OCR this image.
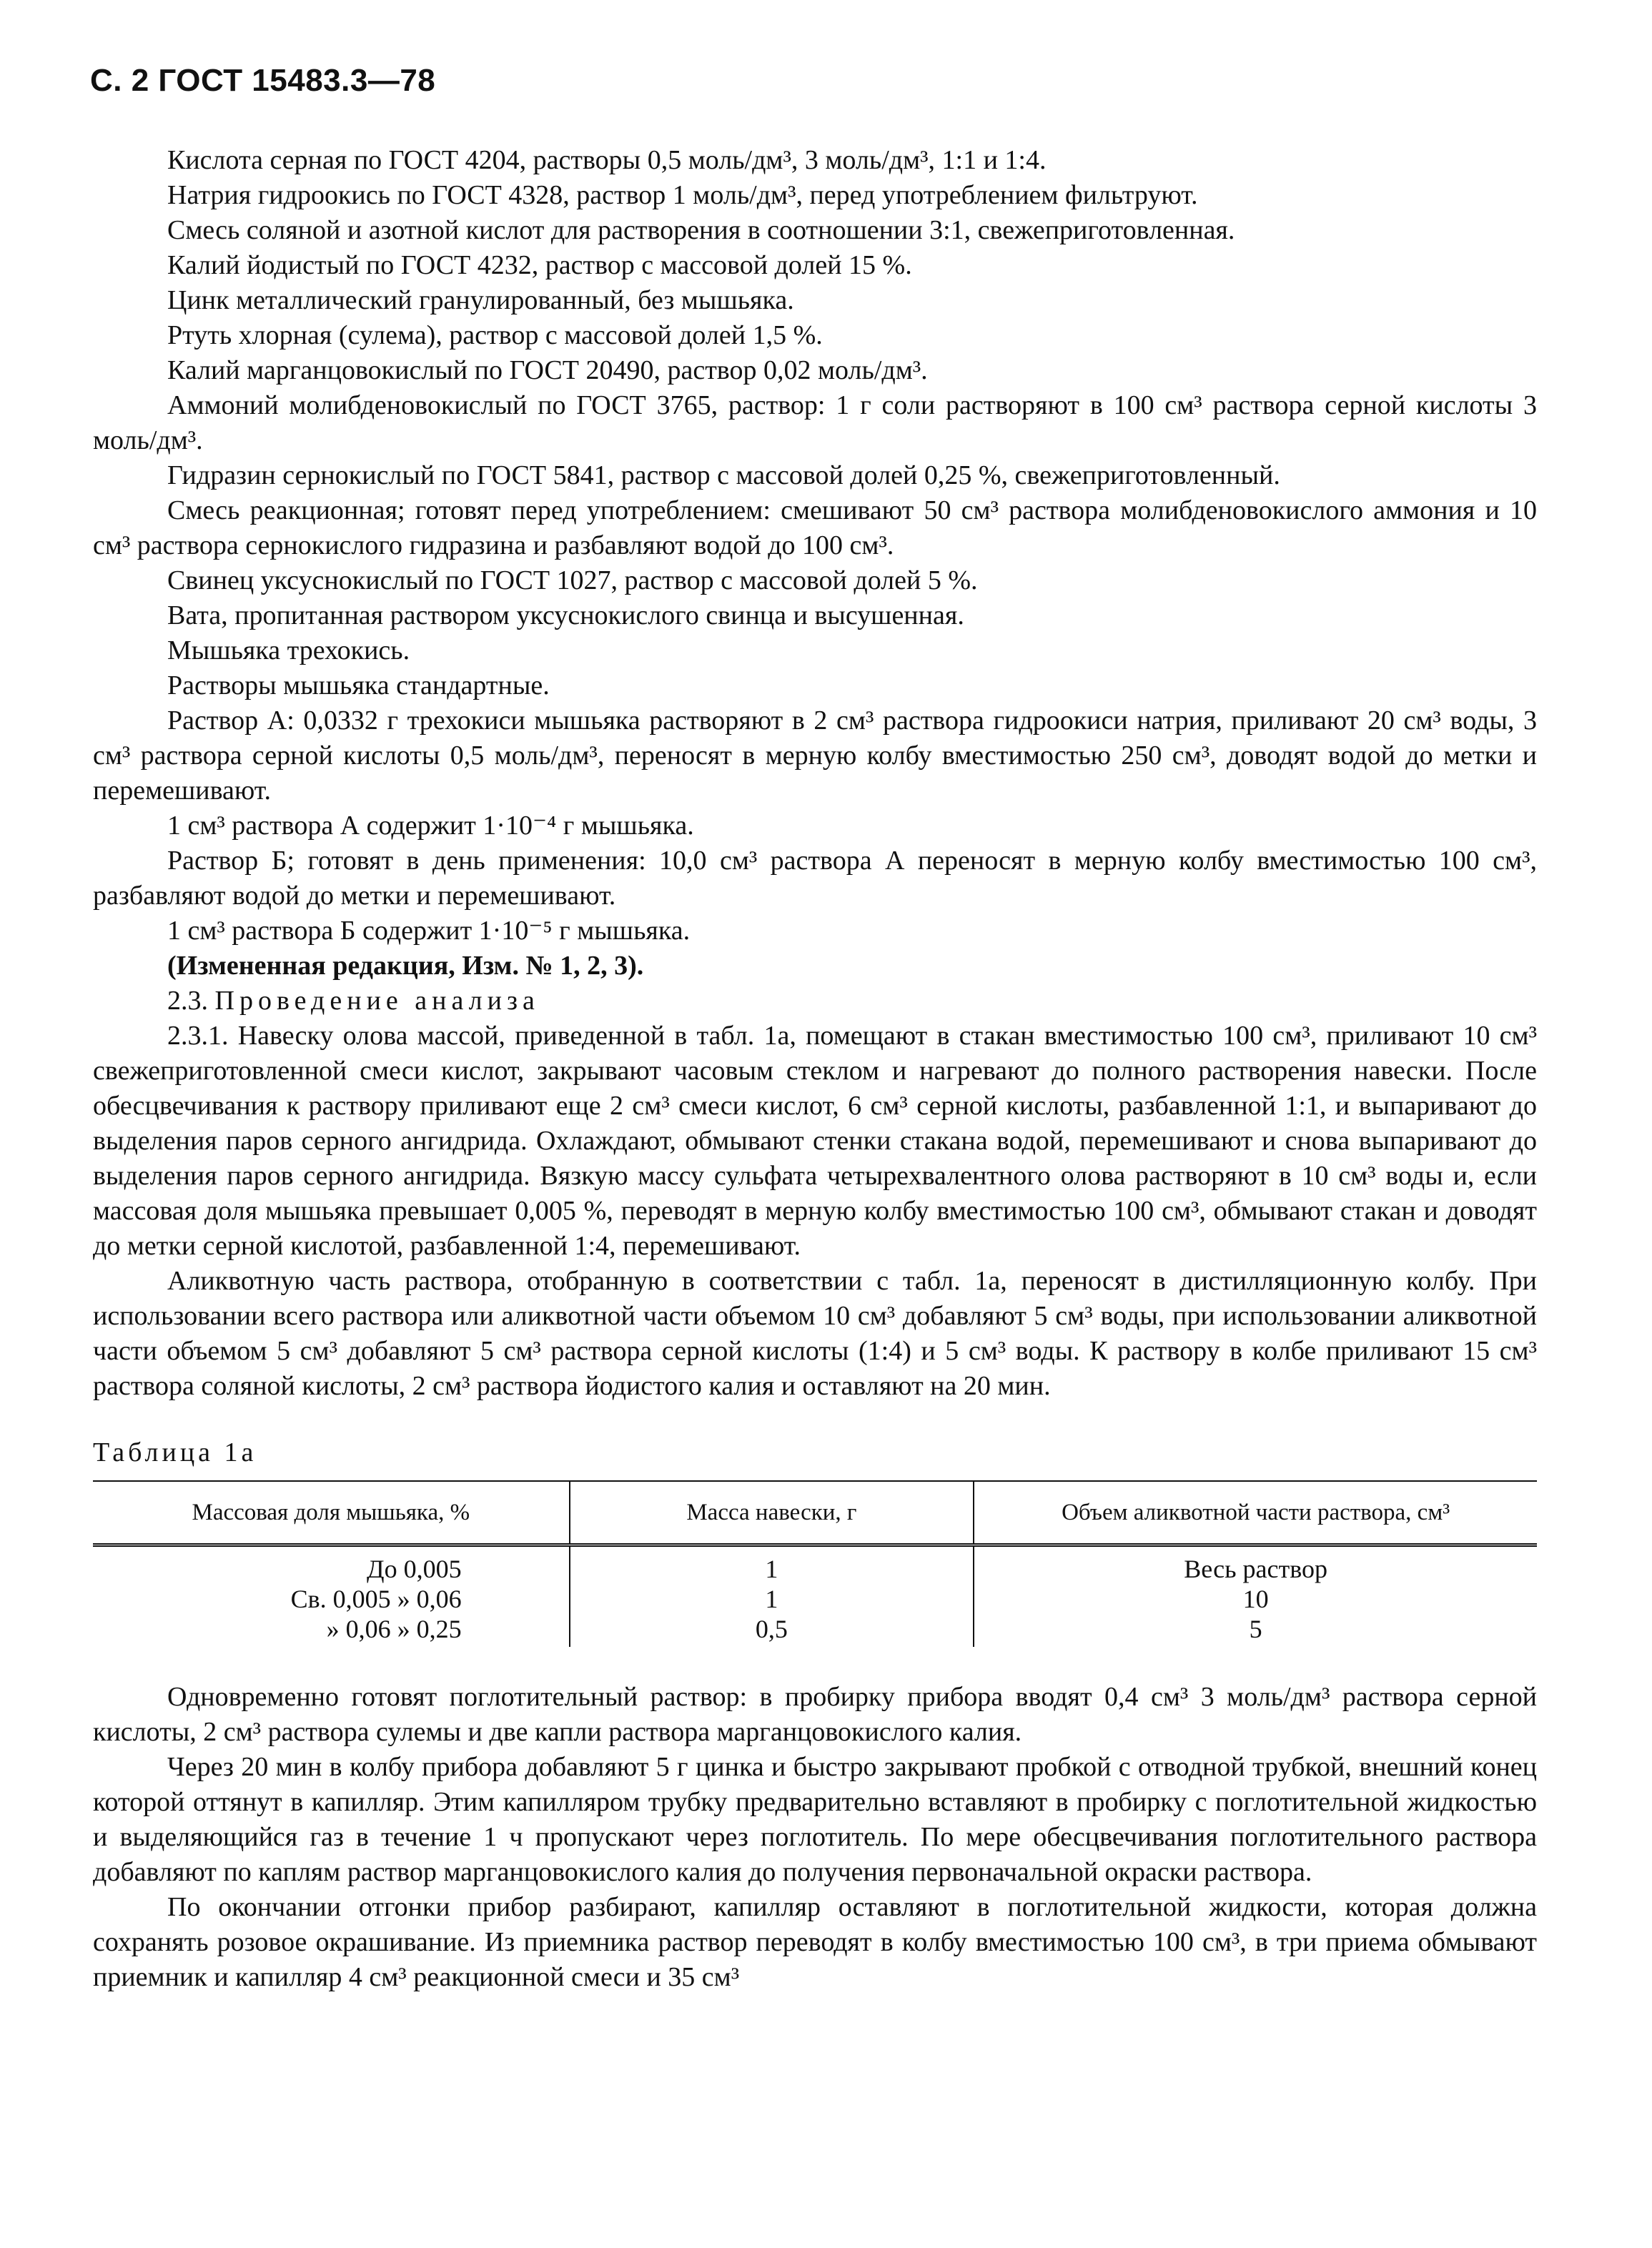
С. 2 ГОСТ 15483.3—78

Кислота серная по ГОСТ 4204, растворы 0,5 моль/дм³, 3 моль/дм³, 1:1 и 1:4.

Натрия гидроокись по ГОСТ 4328, раствор 1 моль/дм³, перед употреблением фильтруют.

Смесь соляной и азотной кислот для растворения в соотношении 3:1, свежеприготовленная.

Калий йодистый по ГОСТ 4232, раствор с массовой долей 15 %.

Цинк металлический гранулированный, без мышьяка.

Ртуть хлорная (сулема), раствор с массовой долей 1,5 %.

Калий марганцовокислый по ГОСТ 20490, раствор 0,02 моль/дм³.

Аммоний молибденовокислый по ГОСТ 3765, раствор: 1 г соли растворяют в 100 см³ раствора серной кислоты 3 моль/дм³.

Гидразин сернокислый по ГОСТ 5841, раствор с массовой долей 0,25 %, свежеприготовленный.

Смесь реакционная; готовят перед употреблением: смешивают 50 см³ раствора молибденовокислого аммония и 10 см³ раствора сернокислого гидразина и разбавляют водой до 100 см³.

Свинец уксуснокислый по ГОСТ 1027, раствор с массовой долей 5 %.

Вата, пропитанная раствором уксуснокислого свинца и высушенная.

Мышьяка трехокись.

Растворы мышьяка стандартные.

Раствор А: 0,0332 г трехокиси мышьяка растворяют в 2 см³ раствора гидроокиси натрия, приливают 20 см³ воды, 3 см³ раствора серной кислоты 0,5 моль/дм³, переносят в мерную колбу вместимостью 250 см³, доводят водой до метки и перемешивают.

1 см³ раствора А содержит 1·10⁻⁴ г мышьяка.

Раствор Б; готовят в день применения: 10,0 см³ раствора А переносят в мерную колбу вместимостью 100 см³, разбавляют водой до метки и перемешивают.

1 см³ раствора Б содержит 1·10⁻⁵ г мышьяка.

(Измененная редакция, Изм. № 1, 2, 3).

2.3. Проведение анализа

2.3.1. Навеску олова массой, приведенной в табл. 1а, помещают в стакан вместимостью 100 см³, приливают 10 см³ свежеприготовленной смеси кислот, закрывают часовым стеклом и нагревают до полного растворения навески. После обесцвечивания к раствору приливают еще 2 см³ смеси кислот, 6 см³ серной кислоты, разбавленной 1:1, и выпаривают до выделения паров серного ангидрида. Охлаждают, обмывают стенки стакана водой, перемешивают и снова выпаривают до выделения паров серного ангидрида. Вязкую массу сульфата четырехвалентного олова растворяют в 10 см³ воды и, если массовая доля мышьяка превышает 0,005 %, переводят в мерную колбу вместимостью 100 см³, обмывают стакан и доводят до метки серной кислотой, разбавленной 1:4, перемешивают.

Аликвотную часть раствора, отобранную в соответствии с табл. 1а, переносят в дистилляционную колбу. При использовании всего раствора или аликвотной части объемом 10 см³ добавляют 5 см³ воды, при использовании аликвотной части объемом 5 см³ добавляют 5 см³ раствора серной кислоты (1:4) и 5 см³ воды. К раствору в колбе приливают 15 см³ раствора соляной кислоты, 2 см³ раствора йодистого калия и оставляют на 20 мин.

Таблица 1а

Массовая доля мышьяка, %	Масса навески, г	Объем аликвотной части раствора, см³
До 0,005	1	Весь раствор
Св. 0,005 » 0,06	1	10
» 0,06 » 0,25	0,5	5

Одновременно готовят поглотительный раствор: в пробирку прибора вводят 0,4 см³ 3 моль/дм³ раствора серной кислоты, 2 см³ раствора сулемы и две капли раствора марганцовокислого калия.

Через 20 мин в колбу прибора добавляют 5 г цинка и быстро закрывают пробкой с отводной трубкой, внешний конец которой оттянут в капилляр. Этим капилляром трубку предварительно вставляют в пробирку с поглотительной жидкостью и выделяющийся газ в течение 1 ч пропускают через поглотитель. По мере обесцвечивания поглотительного раствора добавляют по каплям раствор марганцовокислого калия до получения первоначальной окраски раствора.

По окончании отгонки прибор разбирают, капилляр оставляют в поглотительной жидкости, которая должна сохранять розовое окрашивание. Из приемника раствор переводят в колбу вместимостью 100 см³, в три приема обмывают приемник и капилляр 4 см³ реакционной смеси и 35 см³
